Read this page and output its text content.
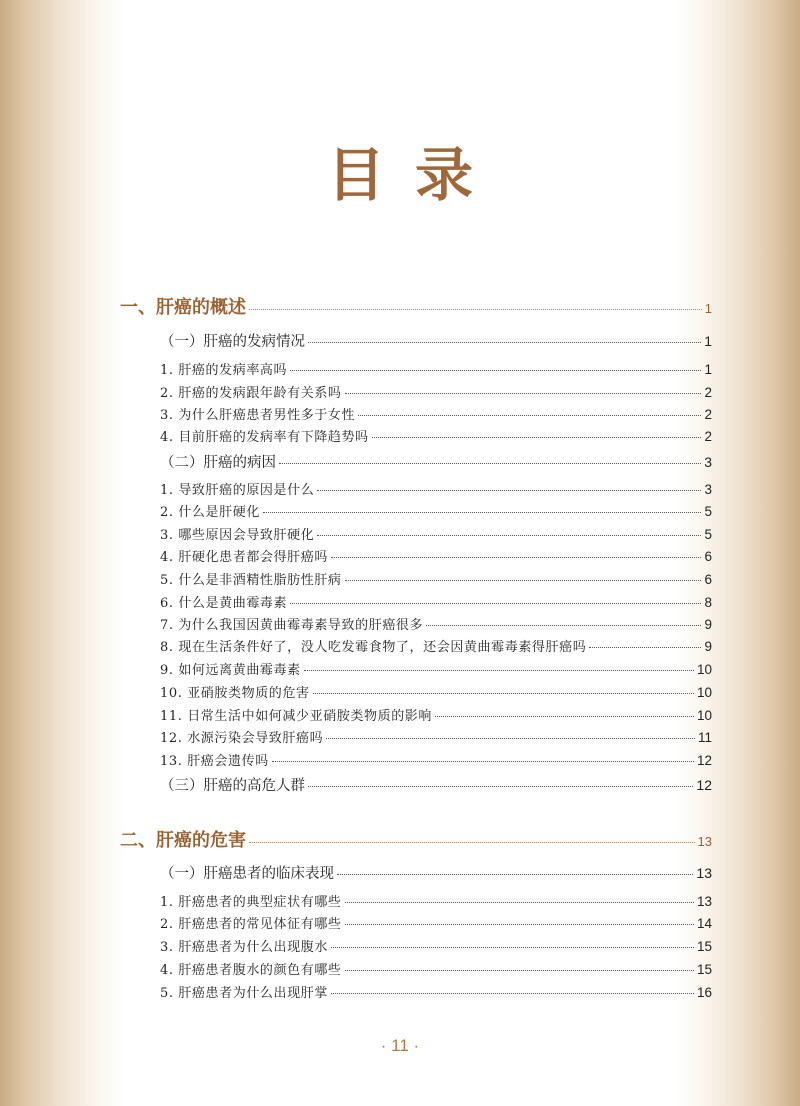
目录
一、肝癌的概述	1
（一）肝癌的发病情况	1
1. 肝癌的发病率高吗	1
2. 肝癌的发病跟年龄有关系吗	2
3. 为什么肝癌患者男性多于女性	2
4. 目前肝癌的发病率有下降趋势吗	2
（二）肝癌的病因	3
1. 导致肝癌的原因是什么	3
2. 什么是肝硬化	5
3. 哪些原因会导致肝硬化	5
4. 肝硬化患者都会得肝癌吗	6
5. 什么是非酒精性脂肪性肝病	6
6. 什么是黄曲霉毒素	8
7. 为什么我国因黄曲霉毒素导致的肝癌很多	9
8. 现在生活条件好了，没人吃发霉食物了，还会因黄曲霉毒素得肝癌吗	9
9. 如何远离黄曲霉毒素	10
10. 亚硝胺类物质的危害	10
11. 日常生活中如何减少亚硝胺类物质的影响	10
12. 水源污染会导致肝癌吗	11
13. 肝癌会遗传吗	12
（三）肝癌的高危人群	12
二、肝癌的危害	13
（一）肝癌患者的临床表现	13
1. 肝癌患者的典型症状有哪些	13
2. 肝癌患者的常见体征有哪些	14
3. 肝癌患者为什么出现腹水	15
4. 肝癌患者腹水的颜色有哪些	15
5. 肝癌患者为什么出现肝掌	16
· 11 ·
